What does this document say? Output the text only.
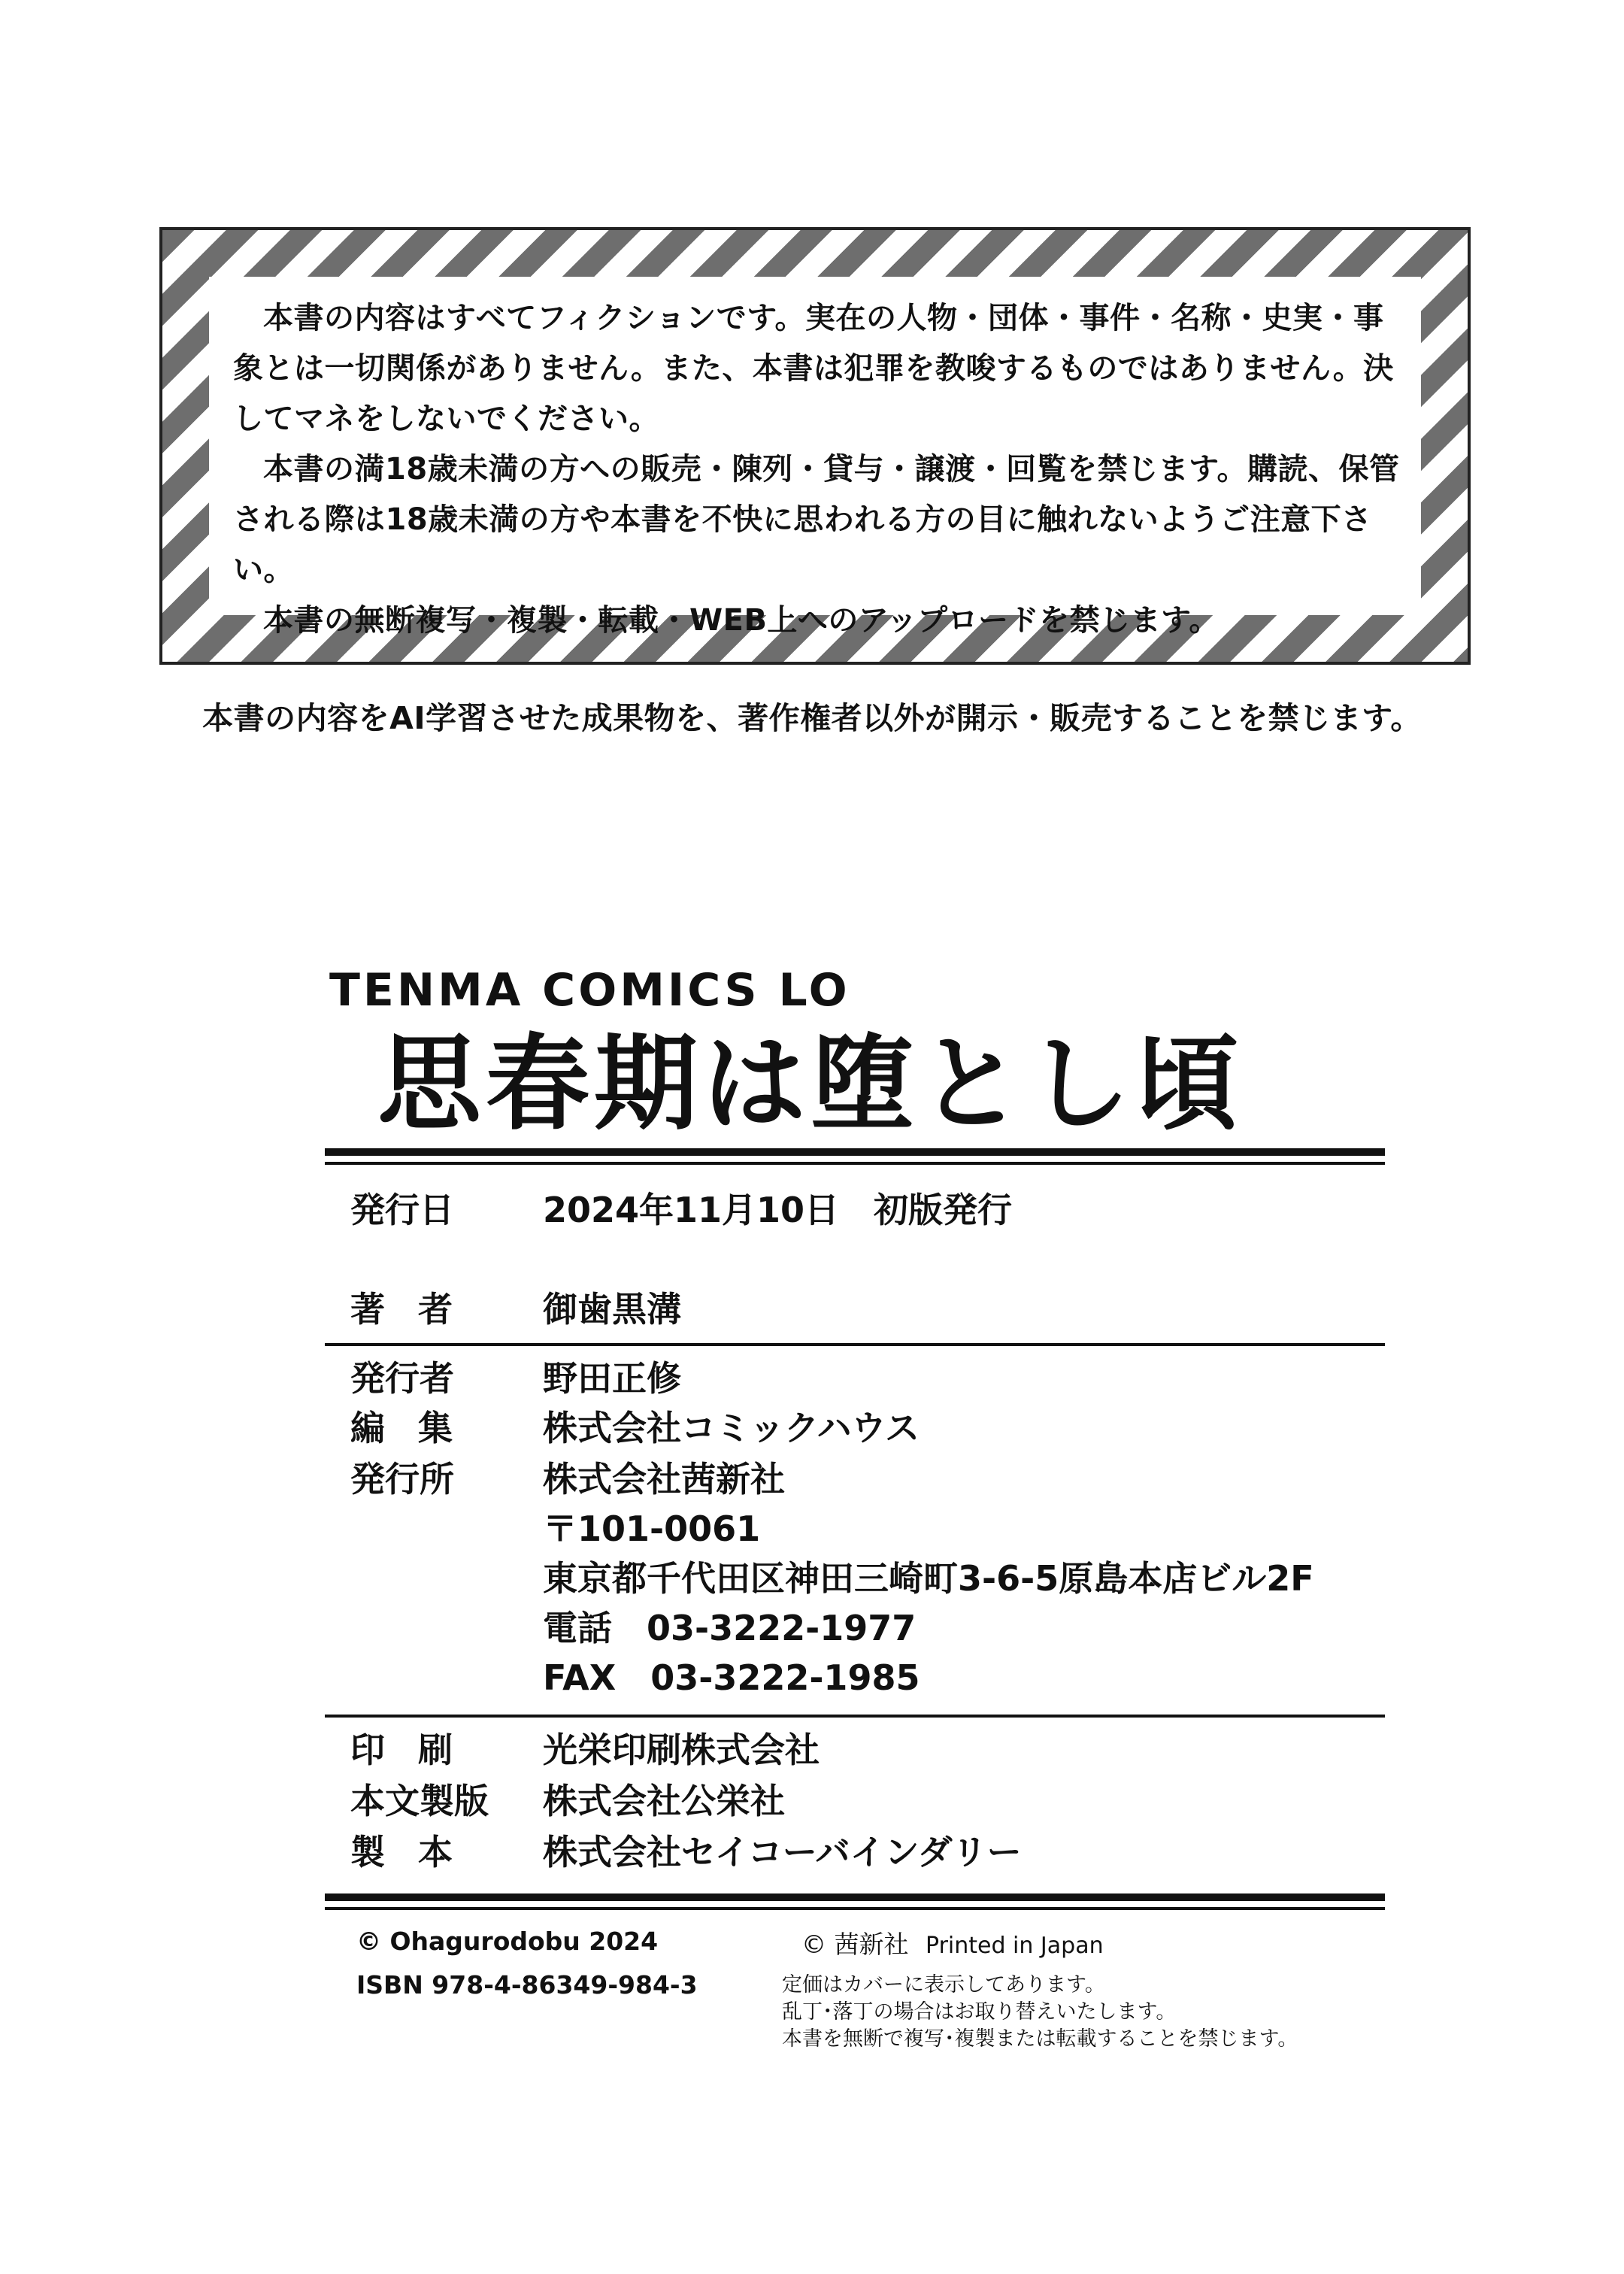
本書の内容はすべてフィクションです。実在の人物・団体・事件・名称・史実・事象とは一切関係がありません。また、本書は犯罪を教唆するものではありません。決してマネをしないでください。

本書の満18歳未満の方への販売・陳列・貸与・譲渡・回覧を禁じます。購読、保管される際は18歳未満の方や本書を不快に思われる方の目に触れないようご注意下さい。

本書の無断複写・複製・転載・WEB上へのアップロードを禁じます。

本書の内容をAI学習させた成果物を、著作権者以外が開示・販売することを禁じます。
TENMA COMICS LO
思春期は堕とし頃
発行日	2024年11月10日　初版発行
著者 御歯黒溝
発行者	野田正修
編集 株式会社コミックハウス
発行所	株式会社茜新社
〒101-0061
東京都千代田区神田三崎町3-6-5原島本店ビル2F
電話　03-3222-1977
FAX　03-3222-1985
印刷 光栄印刷株式会社
本文製版 株式会社公栄社
製本 株式会社セイコーバインダリー
© Ohagurodobu 2024
ISBN 978-4-86349-984-3
© 茜新社 Printed in Japan
定価はカバーに表示してあります。
乱丁･落丁の場合はお取り替えいたします。
本書を無断で複写･複製または転載することを禁じます。
